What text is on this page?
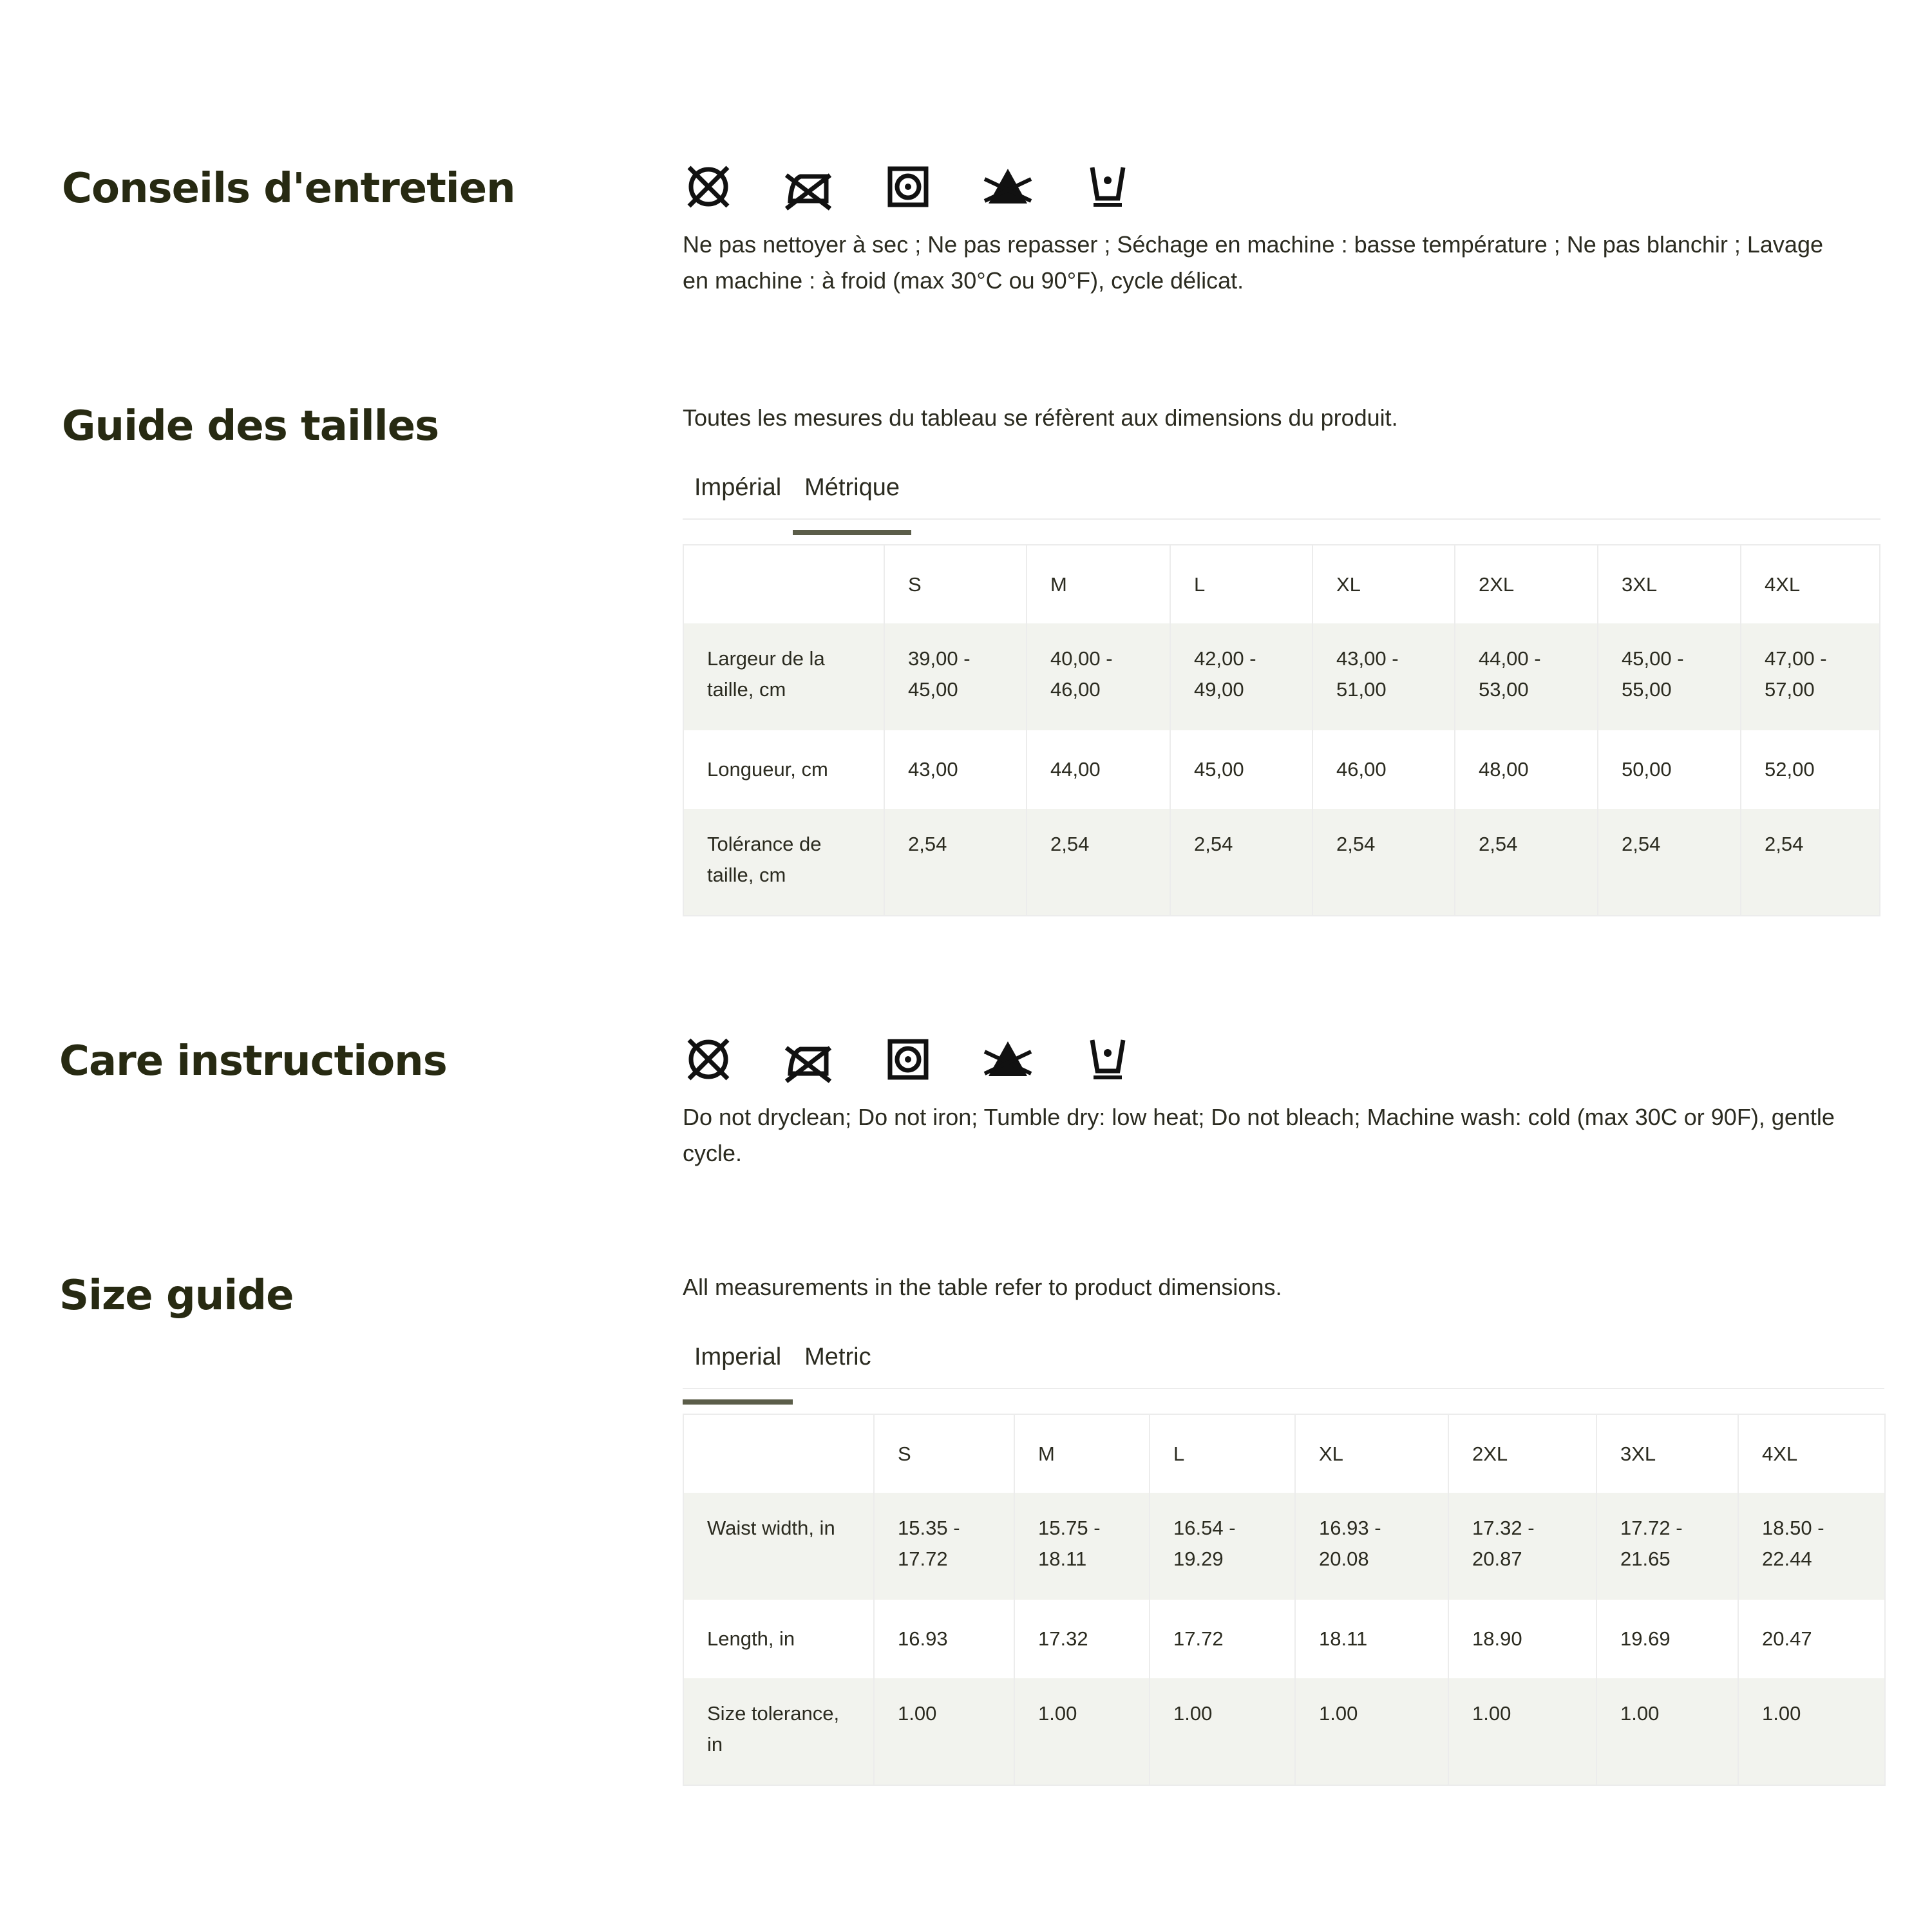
Conseils d'entretien

Ne pas nettoyer à sec ; Ne pas repasser ; Séchage en machine : basse température ; Ne pas blanchir ; Lavage en machine : à froid (max 30°C ou 90°F), cycle délicat.

Guide des tailles	Toutes les mesures du tableau se réfèrent aux dimensions du produit.

Impérial Métrique
	S	M	L	XL	2XL	3XL	4XL
Largeur de la taille, cm	39,00 - 45,00	40,00 - 46,00	42,00 - 49,00	43,00 - 51,00	44,00 - 53,00	45,00 - 55,00	47,00 - 57,00
Longueur, cm	43,00	44,00	45,00	46,00	48,00	50,00	52,00
Tolérance de taille, cm	2,54	2,54	2,54	2,54	2,54	2,54	2,54
Care instructions

Do not dryclean; Do not iron; Tumble dry: low heat; Do not bleach; Machine wash: cold (max 30C or 90F), gentle cycle.

Size guide	All measurements in the table refer to product dimensions.

Imperial Metric
	S	M	L	XL	2XL	3XL	4XL
Waist width, in	15.35 - 17.72	15.75 - 18.11	16.54 - 19.29	16.93 - 20.08	17.32 - 20.87	17.72 - 21.65	18.50 - 22.44
Length, in	16.93	17.32	17.72	18.11	18.90	19.69	20.47
Size tolerance, in	1.00	1.00	1.00	1.00	1.00	1.00	1.00
